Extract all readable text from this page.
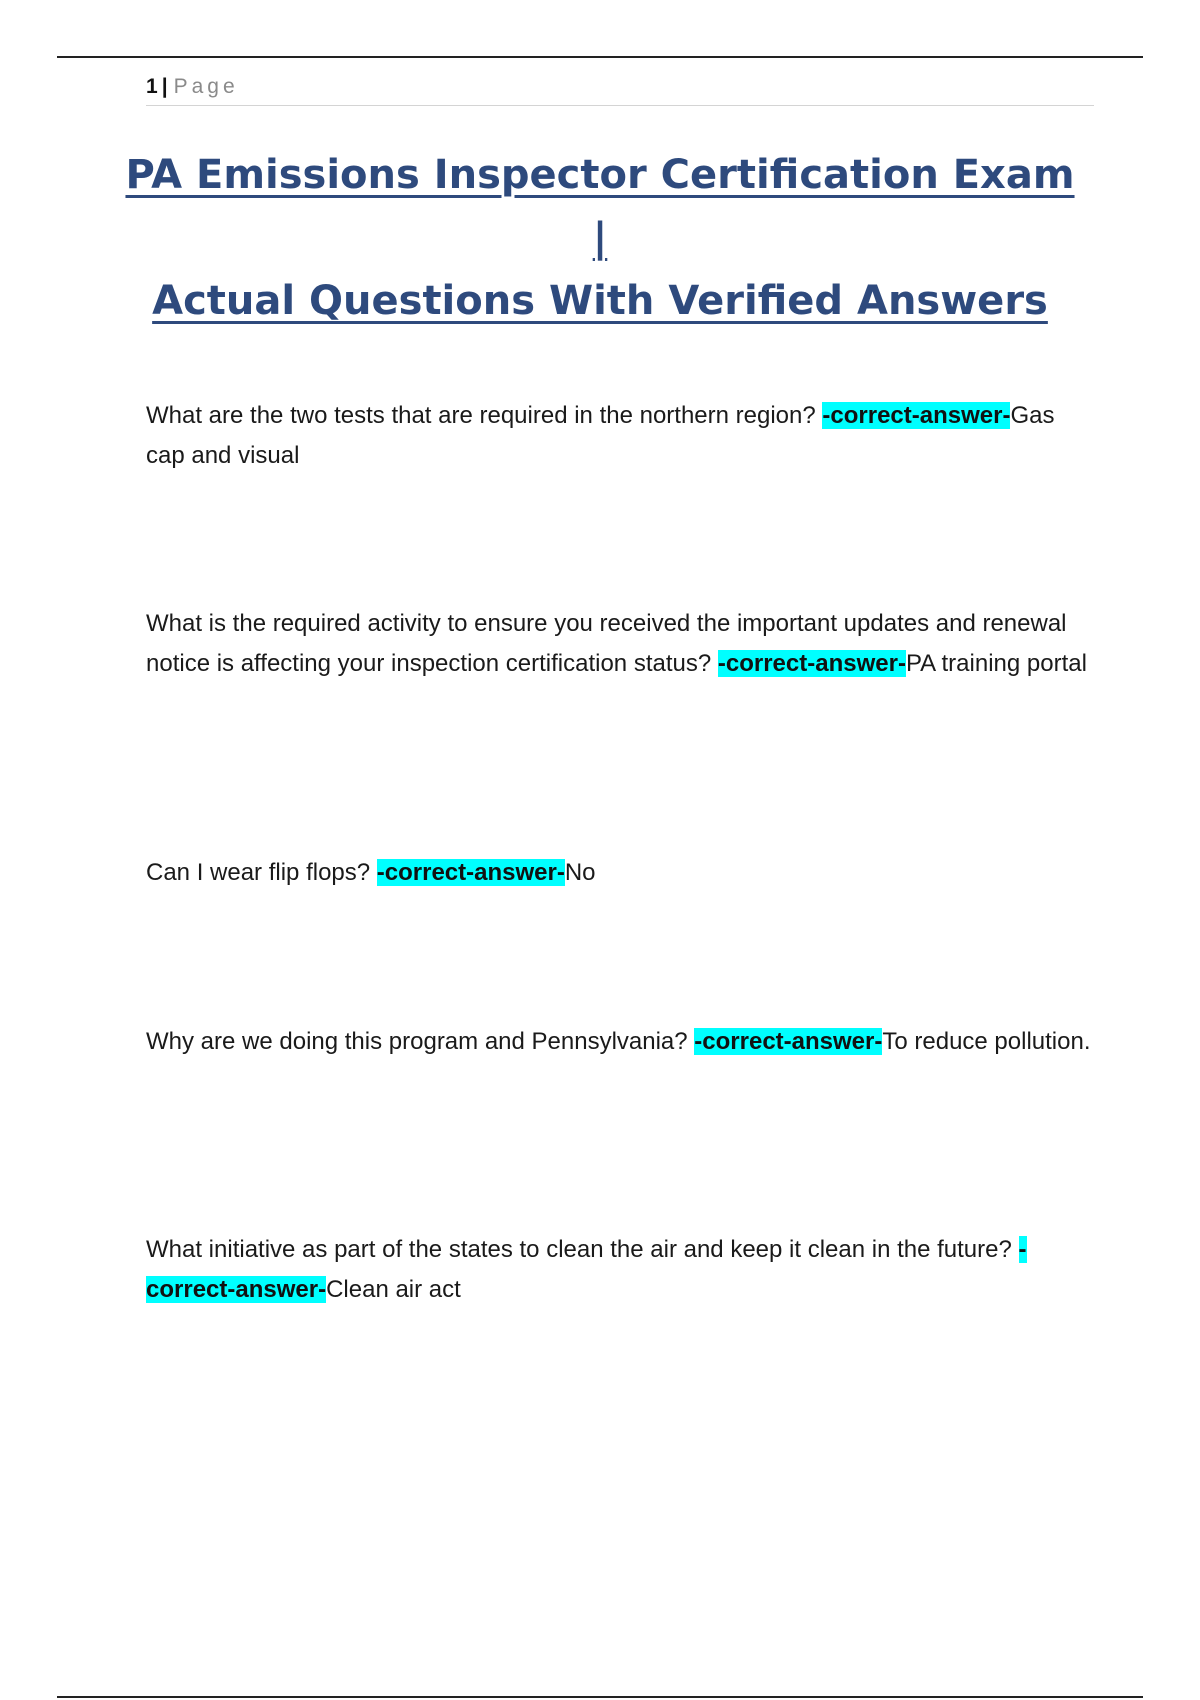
1 | Page
PA Emissions Inspector Certification Exam |
Actual Questions With Verified Answers

What are the two tests that are required in the northern region? -correct-answer-Gas cap and visual

What is the required activity to ensure you received the important updates and renewal notice is affecting your inspection certification status? -correct-answer-PA training portal

Can I wear flip flops? -correct-answer-No

Why are we doing this program and Pennsylvania? -correct-answer-To reduce pollution.

What initiative as part of the states to clean the air and keep it clean in the future? -correct-answer-Clean air act
